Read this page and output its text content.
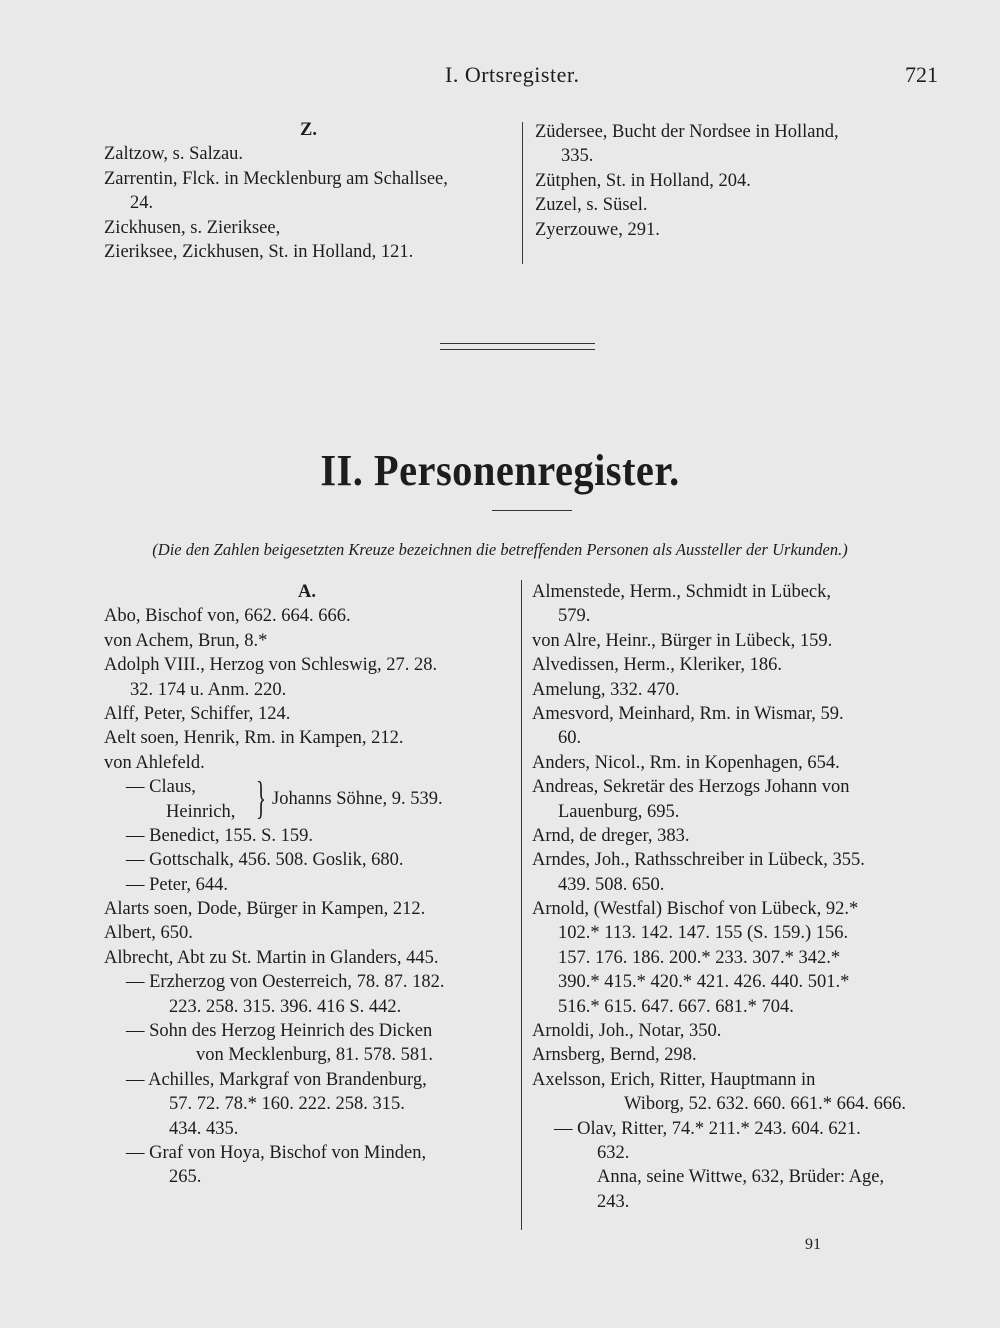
I. Ortsregister.	721
Z.
Zaltzow, s. Salzau.
Zarrentin, Flck. in Mecklenburg am Schallsee,
24.
Zickhusen, s. Zieriksee,
Zieriksee, Zickhusen, St. in Holland, 121.
Züdersee, Bucht der Nordsee in Holland,
335.
Zütphen, St. in Holland, 204.
Zuzel, s. Süsel.
Zyerzouwe, 291.
II. Personenregister.
(Die den Zahlen beigesetzten Kreuze bezeichnen die betreffenden Personen als Aussteller der Urkunden.)
A.
Abo, Bischof von, 662. 664. 666.
von Achem, Brun, 8.*
Adolph VIII., Herzog von Schleswig, 27. 28.
32. 174 u. Anm. 220.
Alff, Peter, Schiffer, 124.
Aelt soen, Henrik, Rm. in Kampen, 212.
von Ahlefeld.
— Claus,
Heinrich, } Johanns Söhne, 9. 539.
— Benedict, 155. S. 159.
— Gottschalk, 456. 508. Goslik, 680.
— Peter, 644.
Alarts soen, Dode, Bürger in Kampen, 212.
Albert, 650.
Albrecht, Abt zu St. Martin in Glanders, 445.
— Erzherzog von Oesterreich, 78. 87. 182.
223. 258. 315. 396. 416 S. 442.
— Sohn des Herzog Heinrich des Dicken
von Mecklenburg, 81. 578. 581.
— Achilles, Markgraf von Brandenburg,
57. 72. 78.* 160. 222. 258. 315.
434. 435.
— Graf von Hoya, Bischof von Minden,
265.
Almenstede, Herm., Schmidt in Lübeck,
579.
von Alre, Heinr., Bürger in Lübeck, 159.
Alvedissen, Herm., Kleriker, 186.
Amelung, 332. 470.
Amesvord, Meinhard, Rm. in Wismar, 59.
60.
Anders, Nicol., Rm. in Kopenhagen, 654.
Andreas, Sekretär des Herzogs Johann von
Lauenburg, 695.
Arnd, de dreger, 383.
Arndes, Joh., Rathsschreiber in Lübeck, 355.
439. 508. 650.
Arnold, (Westfal) Bischof von Lübeck, 92.*
102.* 113. 142. 147. 155 (S. 159.) 156.
157. 176. 186. 200.* 233. 307.* 342.*
390.* 415.* 420.* 421. 426. 440. 501.*
516.* 615. 647. 667. 681.* 704.
Arnoldi, Joh., Notar, 350.
Arnsberg, Bernd, 298.
Axelsson, Erich, Ritter, Hauptmann in
Wiborg, 52. 632. 660. 661.* 664. 666.
— Olav, Ritter, 74.* 211.* 243. 604. 621.
632.
Anna, seine Wittwe, 632, Brüder: Age,
243.
91
